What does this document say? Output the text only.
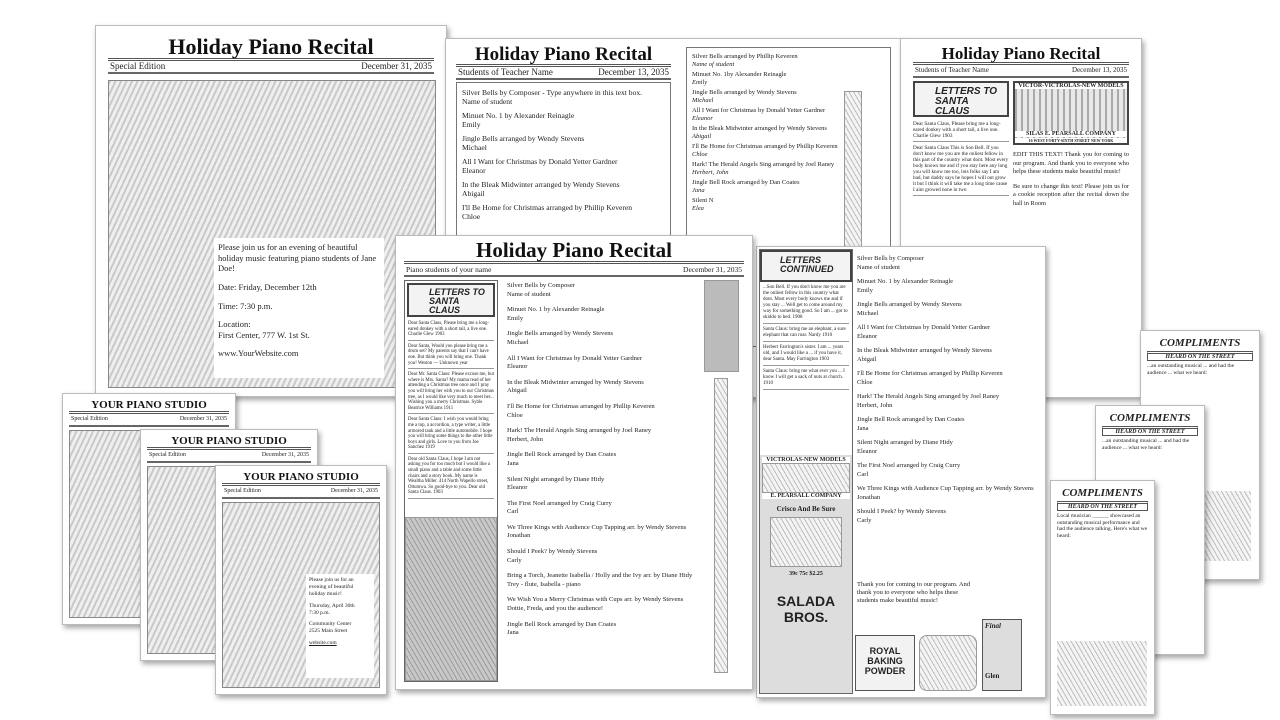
Holiday Piano Recital
Special Edition	December 31, 2035
Please join us for an evening of beautiful holiday music featuring piano students of Jane Doe!
Date: Friday, December 12th
Time: 7:30 p.m.
Location:
First Center, 777 W. 1st St.
www.YourWebsite.com
Holiday Piano Recital
Students of Teacher Name	December 13, 2035
Silver Bells by Composer - Type anywhere in this text box.
Name of student
Minuet No. 1 by Alexander Reinagle
Emily
Jingle Bells arranged by Wendy Stevens
Michael
All I Want for Christmas by Donald Yetter Gardner
Eleanor
In the Bleak Midwinter arranged by Wendy Stevens
Abigail
I'll Be Home for Christmas arranged by Phillip Keveren
Chloe
Silver Bells arranged by Phillip Keveren
Name of student
Minuet No. 1by Alexander Reinagle
Emily
Jingle Bells arranged by Wendy Stevens
Michael
All I Want for Christmas by Donald Yetter Gardner
Eleanor
In the Bleak Midwinter arranged by Wendy Stevens
Abigail
I'll Be Home for Christmas arranged by Phillip Keveren
Chloe
Hark! The Herald Angels Sing arranged by Joel Raney
Herbert, John
Jingle Bell Rock arranged by Dan Coates
Jana
Silent N
Elea
Holiday Piano Recital
Students of Teacher Name	December 13, 2035
LETTERS TO SANTA CLAUS

Dear Santa Claus, Please bring me a long-eared donkey with a short tail, a live one. Charlie Glew 1903

Dear Santa Claus This is Son Bell. If you don't know me you are the onliest fellow in this part of the country what dont. Most every body knows me and if you stay here any long you will know me too, lots folks say I am bad, but daddy says he hopes I will out grow it but I think it will take me a long time cause I aint growed none in two

VICTOR-VICTROLAS-NEW MODELS
SILAS E. PEARSALL COMPANY
16 WEST FORTY-SIXTH STREET NEW YORK
EDIT THIS TEXT! Thank you for coming to our program. And thank you to everyone who helps these students make beautiful music!
Be sure to change this text! Please join us for a cookie reception after the recital down the hall in Room
YOUR PIANO STUDIO
Special Edition	December 31, 2035
YOUR PIANO STUDIO
Special Edition	December 31, 2035
YOUR PIANO STUDIO
Special Edition	December 31, 2035
Please join us for an evening of beautiful holiday music!
Thursday, April 30th
7:30 p.m.
Community Center
2525 Main Street
website.com
LETTERS CONTINUED

...Son Bell. If you don't know me you are the onliest fellow in this country what dont. Most every body knows me and if you stay ... Well get to come around my way for something good. So I am ... got to skiddo to bed. 1908

Santa Claus: bring me an elephant, a sure elephant that can roar. Nardy 1910

Herbert Farrington's sister. I am ... years old, and I would like a ... if you have it, dear Santa. May Farrington 1903

Santa Claus: bring me what ever you ... I know I will get a sack of nuts at church. 1910

VICTROLAS-NEW MODELS
E. PEARSALL COMPANY
Crisco And Be Sure
39c 75c $2.25
SALADA BROS.
Silver Bells by Composer
Name of student
Minuet No. 1 by Alexander Reinagle
Emily
Jingle Bells arranged by Wendy Stevens
Michael
All I Want for Christmas by Donald Yetter Gardner
Eleanor
In the Bleak Midwinter arranged by Wendy Stevens
Abigail
I'll Be Home for Christmas arranged by Phillip Keveren
Chloe
Hark! The Herald Angels Sing arranged by Joel Raney
Herbert, John
Jingle Bell Rock arranged by Dan Coates
Jana
Silent Night arranged by Diane Hidy
Eleanor
The First Noel arranged by Craig Curry
Carl
We Three Kings with Audience Cup Tapping arr. by Wendy Stevens
Jonathan
Should I Peek? by Wendy Stevens
Carly
Thank you for coming to our program. And thank you to everyone who helps these students make beautiful music!
ROYAL BAKING POWDER
Final
Glen
Holiday Piano Recital
Piano students of your name	December 31, 2035
LETTERS TO SANTA CLAUS

Dear Santa Claus, Please bring me a long-eared donkey with a short tail, a live one. Charlie Glew 1903

Dear Santa, Would you please bring me a drum set? My parents say that I can't have one. But think you will bring one. Thank you! Weston — Unknown year

Dear Mr. Santa Claus: Please excuse me, but where is Mrs. Santa? My mama read of her attending a Christmas tree once and I pray you will bring her with you to our Christmas tree, as I would like very much to meet her... Wishing you a merry Christmas. Syble Beatrice Williams 1911

Dear Santa Claus: I wish you would bring me a top, a accordion, a type writer, a little armored tank and a little automobile. I hope you will bring some things to the other little boys and girls. Love to you from Joe Sanchez 1919

Dear old Santa Claus, I hope I am not asking you for too much but I would like a small piano and a table and some little chairs and a story book. My name is Wealtha Miller. 414 North Wapello street, Ottumwa. So good-bye to you. Dear old Santa Claus. 1903

Silver Bells by Composer
Name of student
Minuet No. 1 by Alexander Reinagle
Emily
Jingle Bells arranged by Wendy Stevens
Michael
All I Want for Christmas by Donald Yetter Gardner
Eleanor
In the Bleak Midwinter arranged by Wendy Stevens
Abigail
I'll Be Home for Christmas arranged by Phillip Keveren
Chloe
Hark! The Herald Angels Sing arranged by Joel Raney
Herbert, John
Jingle Bell Rock arranged by Dan Coates
Jana
Silent Night arranged by Diane Hidy
Eleanor
The First Noel arranged by Craig Curry
Carl
We Three Kings with Audience Cup Tapping arr. by Wendy Stevens
Jonathan
Should I Peek? by Wendy Stevens
Carly
Bring a Torch, Jeanette Isabella / Holly and the Ivy arr. by Diane Hidy
Trey - flute, Isabella - piano
We Wish You a Merry Christmas with Cups arr. by Wendy Stevens
Dottie, Freda, and you the audience!
Jingle Bell Rock arranged by Dan Coates
Jana
COMPLIMENTS
HEARD ON THE STREET
...an outstanding musical ... and had the audience ... what we heard:
COMPLIMENTS
HEARD ON THE STREET
...an outstanding musical ... and had the audience ... what we heard:
COMPLIMENTS
HEARD ON THE STREET
Local musician ______ showcased an outstanding musical performance and had the audience talking. Here's what we heard:
